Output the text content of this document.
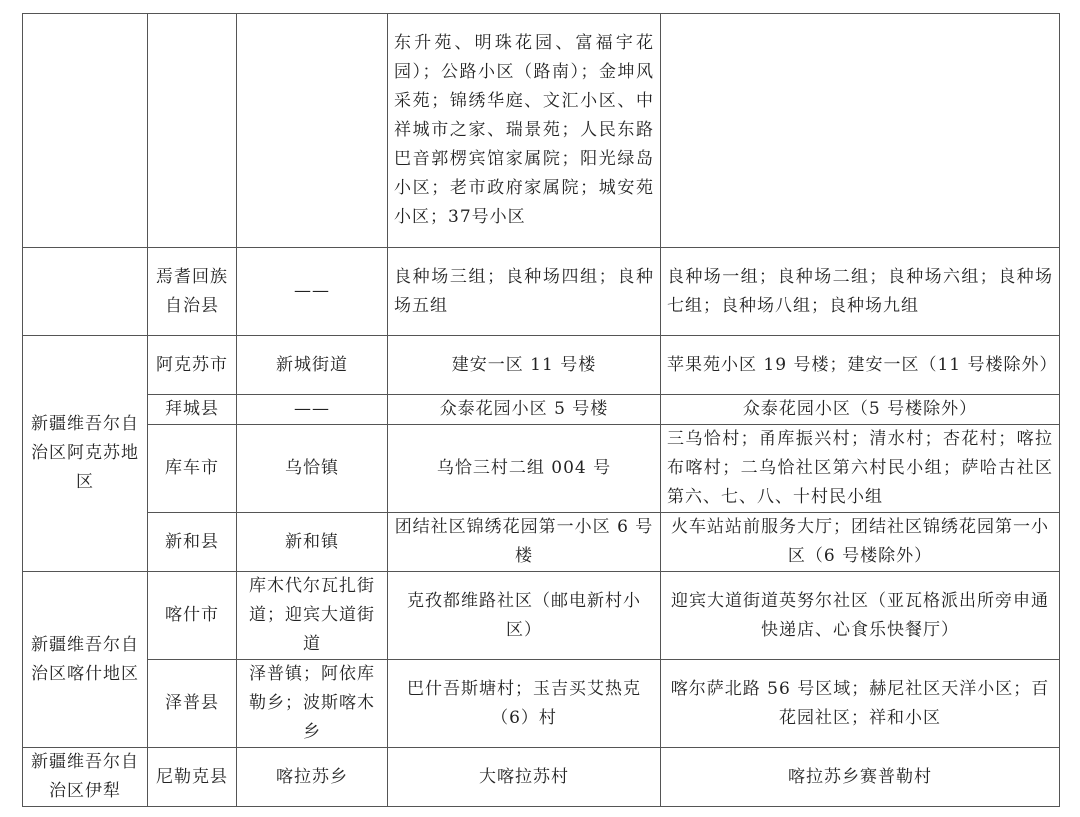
			东升苑、明珠花园、富福宇花园）；公路小区（路南）；金坤风采苑；锦绣华庭、文汇小区、中祥城市之家、瑞景苑；人民东路巴音郭楞宾馆家属院；阳光绿岛小区；老市政府家属院；城安苑小区；37号小区	
	焉耆回族自治县	——	良种场三组；良种场四组；良种场五组	良种场一组；良种场二组；良种场六组；良种场七组；良种场八组；良种场九组
新疆维吾尔自治区阿克苏地区	阿克苏市	新城街道	建安一区 11 号楼	苹果苑小区 19 号楼；建安一区（11 号楼除外）
	拜城县	——	众泰花园小区 5 号楼	众泰花园小区（5 号楼除外）
	库车市	乌恰镇	乌恰三村二组 004 号	三乌恰村；甬库振兴村；清水村；杏花村；喀拉布喀村；二乌恰社区第六村民小组；萨哈古社区第六、七、八、十村民小组
	新和县	新和镇	团结社区锦绣花园第一小区 6 号楼	火车站站前服务大厅；团结社区锦绣花园第一小区（6 号楼除外）
新疆维吾尔自治区喀什地区	喀什市	库木代尔瓦扎街道；迎宾大道街道	克孜都维路社区（邮电新村小区）	迎宾大道街道英努尔社区（亚瓦格派出所旁申通快递店、心食乐快餐厅）
	泽普县	泽普镇；阿依库勒乡；波斯喀木乡	巴什吾斯塘村；玉吉买艾热克（6）村	喀尔萨北路 56 号区域；赫尼社区天洋小区；百花园社区；祥和小区
新疆维吾尔自治区伊犁	尼勒克县	喀拉苏乡	大喀拉苏村	喀拉苏乡赛普勒村
